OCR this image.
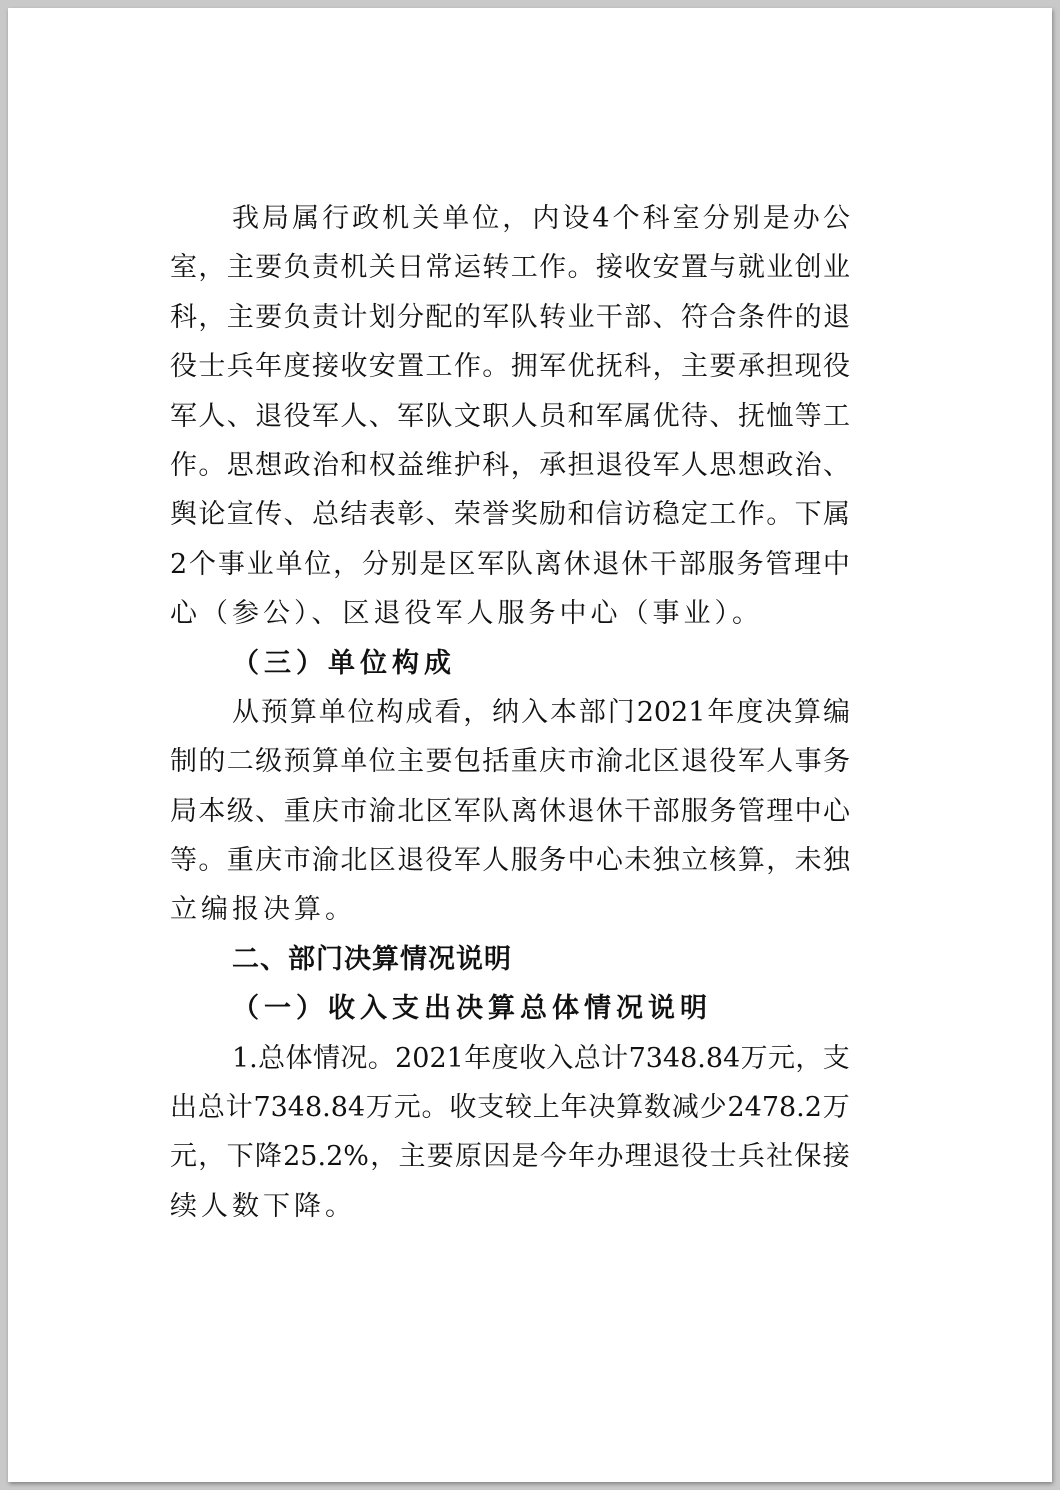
我 局 属 行 政 机 关 单 位 ， 内 设 4 个 科 室 分 别 是 办 公
室 ， 主 要 负 责 机 关 日 常 运 转 工 作 。 接 收 安 置 与 就 业 创 业
科 ， 主 要 负 责 计 划 分 配 的 军 队 转 业 干 部 、 符 合 条 件 的 退
役 士 兵 年 度 接 收 安 置 工 作 。 拥 军 优 抚 科 ， 主 要 承 担 现 役
军 人 、 退 役 军 人 、 军 队 文 职 人 员 和 军 属 优 待 、 抚 恤 等 工
作 。 思 想 政 治 和 权 益 维 护 科 ， 承 担 退 役 军 人 思 想 政 治 、
舆 论 宣 传 、 总 结 表 彰 、 荣 誉 奖 励 和 信 访 稳 定 工 作 。 下 属
2 个 事 业 单 位 ， 分 别 是 区 军 队 离 休 退 休 干 部 服 务 管 理 中
心（参公）、区退役军人服务中心（事业）。
（三）单位构成
从 预 算 单 位 构 成 看 ， 纳 入 本 部 门 2021 年 度 决 算 编
制 的 二 级 预 算 单 位 主 要 包 括 重 庆 市 渝 北 区 退 役 军 人 事 务
局 本 级 、 重 庆 市 渝 北 区 军 队 离 休 退 休 干 部 服 务 管 理 中 心
等 。 重 庆 市 渝 北 区 退 役 军 人 服 务 中 心 未 独 立 核 算 ， 未 独
立编报决算。
二、部门决算情况说明
（一）收入支出决算总体情况说明
1. 总 体 情 况 。 2021 年 度 收 入 总 计 7348.84 万 元 ， 支
出 总 计 7348.84 万 元 。 收 支 较 上 年 决 算 数 减 少 2478.2 万
元 ， 下 降 25.2% ， 主 要 原 因 是 今 年 办 理 退 役 士 兵 社 保 接
续人数下降。
